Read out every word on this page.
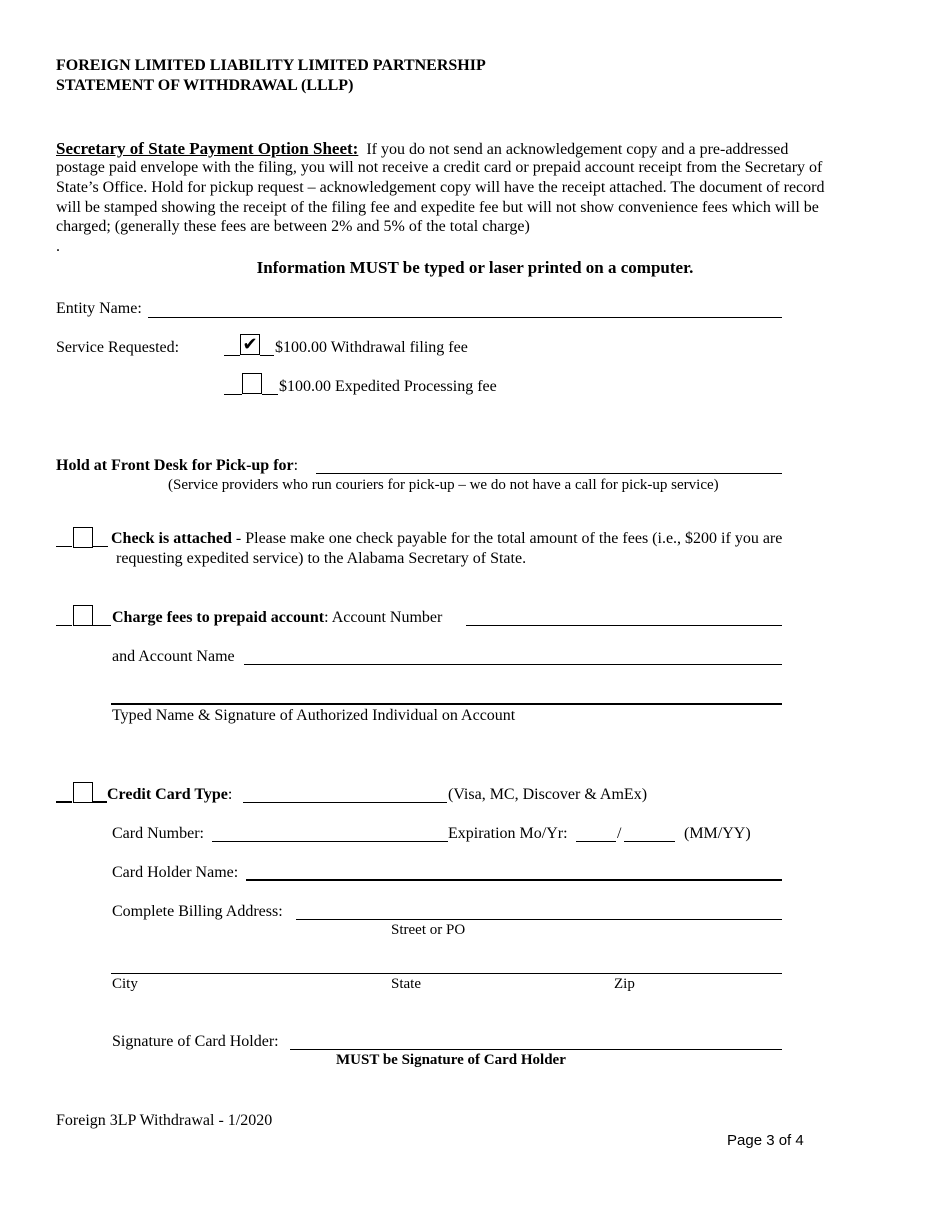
FOREIGN LIMITED LIABILITY LIMITED PARTNERSHIP
STATEMENT OF WITHDRAWAL (LLLP)
Secretary of State Payment Option Sheet: If you do not send an acknowledgement copy and a pre-addressed
postage paid envelope with the filing, you will not receive a credit card or prepaid account receipt from the Secretary of
State’s Office. Hold for pickup request – acknowledgement copy will have the receipt attached. The document of record
will be stamped showing the receipt of the filing fee and expedite fee but will not show convenience fees which will be
charged; (generally these fees are between 2% and 5% of the total charge)
.
Information MUST be typed or laser printed on a computer.
Entity Name:
Service Requested:	✔ $100.00 Withdrawal filing fee
$100.00 Expedited Processing fee
Hold at Front Desk for Pick-up for:
(Service providers who run couriers for pick-up – we do not have a call for pick-up service)
Check is attached - Please make one check payable for the total amount of the fees (i.e., $200 if you are
requesting expedited service) to the Alabama Secretary of State.
Charge fees to prepaid account: Account Number
and Account Name
Typed Name & Signature of Authorized Individual on Account
Credit Card Type:	(Visa, MC, Discover & AmEx)
Card Number:	Expiration Mo/Yr:	/	(MM/YY)
Card Holder Name:
Complete Billing Address:
Street or PO
City	State	Zip
Signature of Card Holder:
MUST be Signature of Card Holder
Foreign 3LP Withdrawal - 1/2020
Page 3 of 4
